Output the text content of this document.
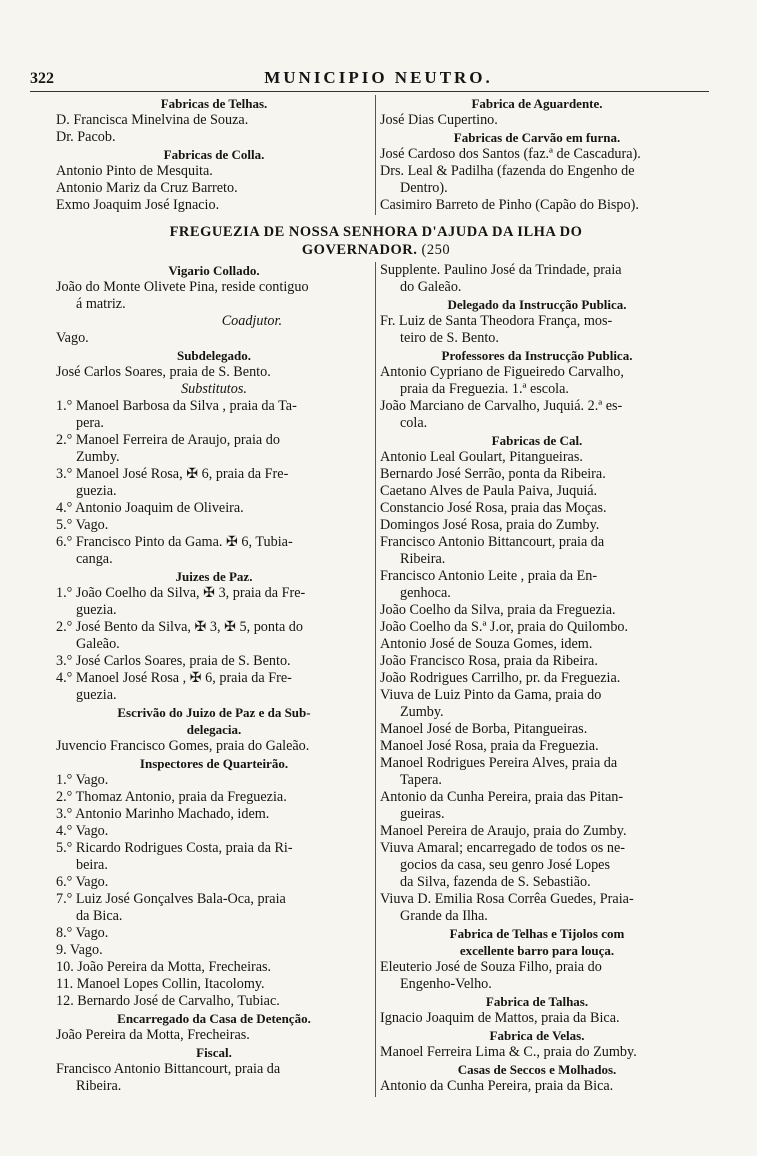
322	MUNICIPIO NEUTRO.
Fabricas de Telhas.
D. Francisca Minelvina de Souza.
Dr. Pacob.
Fabricas de Colla.
Antonio Pinto de Mesquita.
Antonio Mariz da Cruz Barreto.
Exmo Joaquim José Ignacio.
Fabrica de Aguardente.
José Dias Cupertino.
Fabricas de Carvão em furna.
José Cardoso dos Santos (faz.ª de Cascadura).
Drs. Leal & Padilha (fazenda do Engenho de
Dentro).
Casimiro Barreto de Pinho (Capão do Bispo).
FREGUEZIA DE NOSSA SENHORA D'AJUDA DA ILHA DO
GOVERNADOR. (250
Vigario Collado.
João do Monte Olivete Pina, reside contiguo
á matriz.
Coadjutor.
Vago.
Subdelegado.
José Carlos Soares, praia de S. Bento.
Substitutos.
1.° Manoel Barbosa da Silva , praia da Ta-
pera.
2.° Manoel Ferreira de Araujo, praia do
Zumby.
3.° Manoel José Rosa, ✠ 6, praia da Fre-
guezia.
4.° Antonio Joaquim de Oliveira.
5.° Vago.
6.° Francisco Pinto da Gama. ✠ 6, Tubia-
canga.
Juizes de Paz.
1.° João Coelho da Silva, ✠ 3, praia da Fre-
guezia.
2.° José Bento da Silva, ✠ 3, ✠ 5, ponta do
Galeão.
3.° José Carlos Soares, praia de S. Bento.
4.° Manoel José Rosa , ✠ 6, praia da Fre-
guezia.
Escrivão do Juizo de Paz e da Sub-
delegacia.
Juvencio Francisco Gomes, praia do Galeão.
Inspectores de Quarteirão.
1.° Vago.
2.° Thomaz Antonio, praia da Freguezia.
3.° Antonio Marinho Machado, idem.
4.° Vago.
5.° Ricardo Rodrigues Costa, praia da Ri-
beira.
6.° Vago.
7.° Luiz José Gonçalves Bala-Oca, praia
da Bica.
8.° Vago.
9. Vago.
10. João Pereira da Motta, Frecheiras.
11. Manoel Lopes Collin, Itacolomy.
12. Bernardo José de Carvalho, Tubiac.
Encarregado da Casa de Detenção.
João Pereira da Motta, Frecheiras.
Fiscal.
Francisco Antonio Bittancourt, praia da
Ribeira.
Supplente. Paulino José da Trindade, praia
do Galeão.
Delegado da Instrucção Publica.
Fr. Luiz de Santa Theodora França, mos-
teiro de S. Bento.
Professores da Instrucção Publica.
Antonio Cypriano de Figueiredo Carvalho,
praia da Freguezia. 1.ª escola.
João Marciano de Carvalho, Juquiá. 2.ª es-
cola.
Fabricas de Cal.
Antonio Leal Goulart, Pitangueiras.
Bernardo José Serrão, ponta da Ribeira.
Caetano Alves de Paula Paiva, Juquiá.
Constancio José Rosa, praia das Moças.
Domingos José Rosa, praia do Zumby.
Francisco Antonio Bittancourt, praia da
Ribeira.
Francisco Antonio Leite , praia da En-
genhoca.
João Coelho da Silva, praia da Freguezia.
João Coelho da S.ª J.or, praia do Quilombo.
Antonio José de Souza Gomes, idem.
João Francisco Rosa, praia da Ribeira.
João Rodrigues Carrilho, pr. da Freguezia.
Viuva de Luiz Pinto da Gama, praia do
Zumby.
Manoel José de Borba, Pitangueiras.
Manoel José Rosa, praia da Freguezia.
Manoel Rodrigues Pereira Alves, praia da
Tapera.
Antonio da Cunha Pereira, praia das Pitan-
gueiras.
Manoel Pereira de Araujo, praia do Zumby.
Viuva Amaral; encarregado de todos os ne-
gocios da casa, seu genro José Lopes
da Silva, fazenda de S. Sebastião.
Viuva D. Emilia Rosa Corrêa Guedes, Praia-
Grande da Ilha.
Fabrica de Telhas e Tijolos com
excellente barro para louça.
Eleuterio José de Souza Filho, praia do
Engenho-Velho.
Fabrica de Talhas.
Ignacio Joaquim de Mattos, praia da Bica.
Fabrica de Velas.
Manoel Ferreira Lima & C., praia do Zumby.
Casas de Seccos e Molhados.
Antonio da Cunha Pereira, praia da Bica.
